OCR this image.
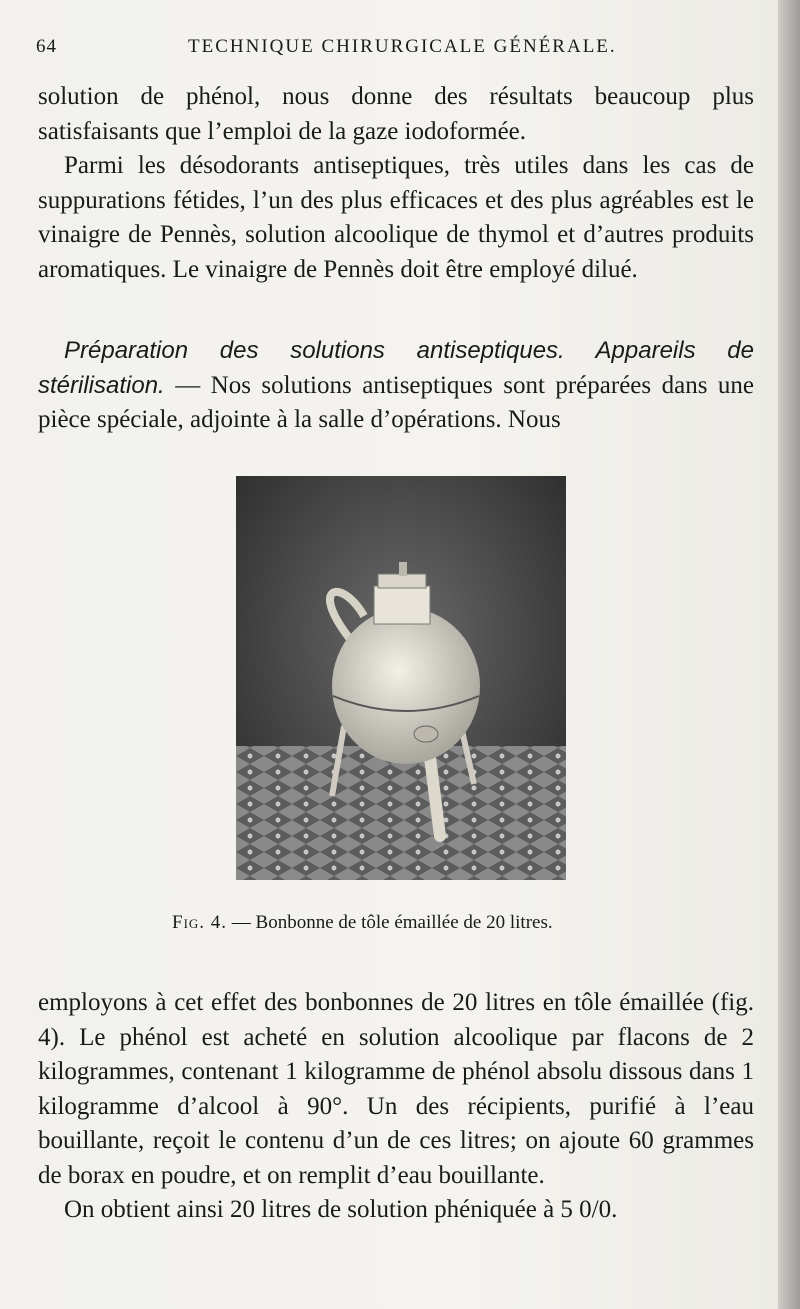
64	TECHNIQUE CHIRURGICALE GÉNÉRALE.

solution de phénol, nous donne des résultats beaucoup plus satisfaisants que l’emploi de la gaze iodoformée.

Parmi les désodorants antiseptiques, très utiles dans les cas de suppurations fétides, l’un des plus efficaces et des plus agréables est le vinaigre de Pennès, solution alcoolique de thymol et d’autres produits aromatiques. Le vinaigre de Pennès doit être employé dilué.

Préparation des solutions antiseptiques. Appareils de stérilisation. — Nos solutions antiseptiques sont préparées dans une pièce spéciale, adjointe à la salle d’opérations. Nous
Fig. 4. — Bonbonne de tôle émaillée de 20 litres.

employons à cet effet des bonbonnes de 20 litres en tôle émaillée (fig. 4). Le phénol est acheté en solution alcoolique par flacons de 2 kilogrammes, contenant 1 kilogramme de phénol absolu dissous dans 1 kilogramme d’alcool à 90°. Un des récipients, purifié à l’eau bouillante, reçoit le contenu d’un de ces litres; on ajoute 60 grammes de borax en poudre, et on remplit d’eau bouillante.

On obtient ainsi 20 litres de solution phéniquée à 5 0/0.
